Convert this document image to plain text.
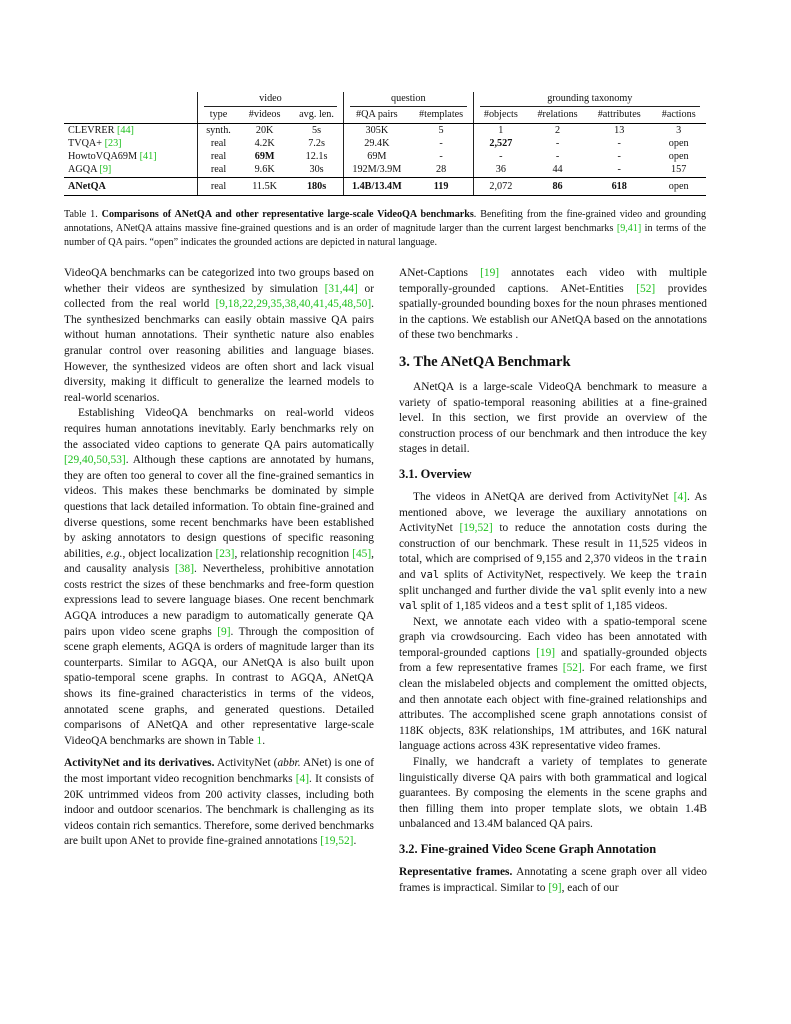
		video			question		grounding taxonomy			

		type	#videos	avg. len.	#QA pairs	#templates	#objects	#relations	#attributes	#actions
CLEVRER [44]		synth.	20K	5s	305K	5	1	2	13	3
TVQA+ [23]		real	4.2K	7.2s	29.4K	-	2,527	-	-	open
HowtoVQA69M [41]		real	69M	12.1s	69M	-	-	-	-	open
AGQA [9]		real	9.6K	30s	192M/3.9M	28	36	44	-	157
ANetQA		real	11.5K	180s	1.4B/13.4M	119	2,072	86	618	open
Table 1. Comparisons of ANetQA and other representative large-scale VideoQA benchmarks. Benefiting from the fine-grained video and grounding annotations, ANetQA attains massive fine-grained questions and is an order of magnitude larger than the current largest benchmarks [9,41] in terms of the number of QA pairs. “open” indicates the grounded actions are depicted in natural language.

VideoQA benchmarks can be categorized into two groups based on whether their videos are synthesized by simulation [31,44] or collected from the real world [9,18,22,29,35,38,40,41,45,48,50]. The synthesized benchmarks can easily obtain massive QA pairs without human annotations. Their synthetic nature also enables granular control over reasoning abilities and language biases. However, the synthesized videos are often short and lack visual diversity, making it difficult to generalize the learned models to real-world scenarios.

Establishing VideoQA benchmarks on real-world videos requires human annotations inevitably. Early benchmarks rely on the associated video captions to generate QA pairs automatically [29,40,50,53]. Although these captions are annotated by humans, they are often too general to cover all the fine-grained semantics in videos. This makes these benchmarks be dominated by simple questions that lack detailed information. To obtain fine-grained and diverse questions, some recent benchmarks have been established by asking annotators to design questions of specific reasoning abilities, e.g., object localization [23], relationship recognition [45], and causality analysis [38]. Nevertheless, prohibitive annotation costs restrict the sizes of these benchmarks and free-form question expressions lead to severe language biases. One recent benchmark AGQA introduces a new paradigm to automatically generate QA pairs upon video scene graphs [9]. Through the composition of scene graph elements, AGQA is orders of magnitude larger than its counterparts. Similar to AGQA, our ANetQA is also built upon spatio-temporal scene graphs. In contrast to AGQA, ANetQA shows its fine-grained characteristics in terms of the videos, annotated scene graphs, and generated questions. Detailed comparisons of ANetQA and other representative large-scale VideoQA benchmarks are shown in Table 1.

ActivityNet and its derivatives. ActivityNet (abbr. ANet) is one of the most important video recognition benchmarks [4]. It consists of 20K untrimmed videos from 200 activity classes, including both indoor and outdoor scenarios. The benchmark is challenging as its videos contain rich semantics. Therefore, some derived benchmarks are built upon ANet to provide fine-grained annotations [19,52].

ANet-Captions [19] annotates each video with multiple temporally-grounded captions. ANet-Entities [52] provides spatially-grounded bounding boxes for the noun phrases mentioned in the captions. We establish our ANetQA based on the annotations of these two benchmarks .

3. The ANetQA Benchmark

ANetQA is a large-scale VideoQA benchmark to measure a variety of spatio-temporal reasoning abilities at a fine-grained level. In this section, we first provide an overview of the construction process of our benchmark and then introduce the key stages in detail.

3.1. Overview

The videos in ANetQA are derived from ActivityNet [4]. As mentioned above, we leverage the auxiliary annotations on ActivityNet [19,52] to reduce the annotation costs during the construction of our benchmark. These result in 11,525 videos in total, which are comprised of 9,155 and 2,370 videos in the train and val splits of ActivityNet, respectively. We keep the train split unchanged and further divide the val split evenly into a new val split of 1,185 videos and a test split of 1,185 videos.

Next, we annotate each video with a spatio-temporal scene graph via crowdsourcing. Each video has been annotated with temporal-grounded captions [19] and spatially-grounded objects from a few representative frames [52]. For each frame, we first clean the mislabeled objects and complement the omitted objects, and then annotate each object with fine-grained relationships and attributes. The accomplished scene graph annotations consist of 118K objects, 83K relationships, 1M attributes, and 16K natural language actions across 43K representative video frames.

Finally, we handcraft a variety of templates to generate linguistically diverse QA pairs with both grammatical and logical guarantees. By composing the elements in the scene graphs and then filling them into proper template slots, we obtain 1.4B unbalanced and 13.4M balanced QA pairs.

3.2. Fine-grained Video Scene Graph Annotation

Representative frames. Annotating a scene graph over all video frames is impractical. Similar to [9], each of our
